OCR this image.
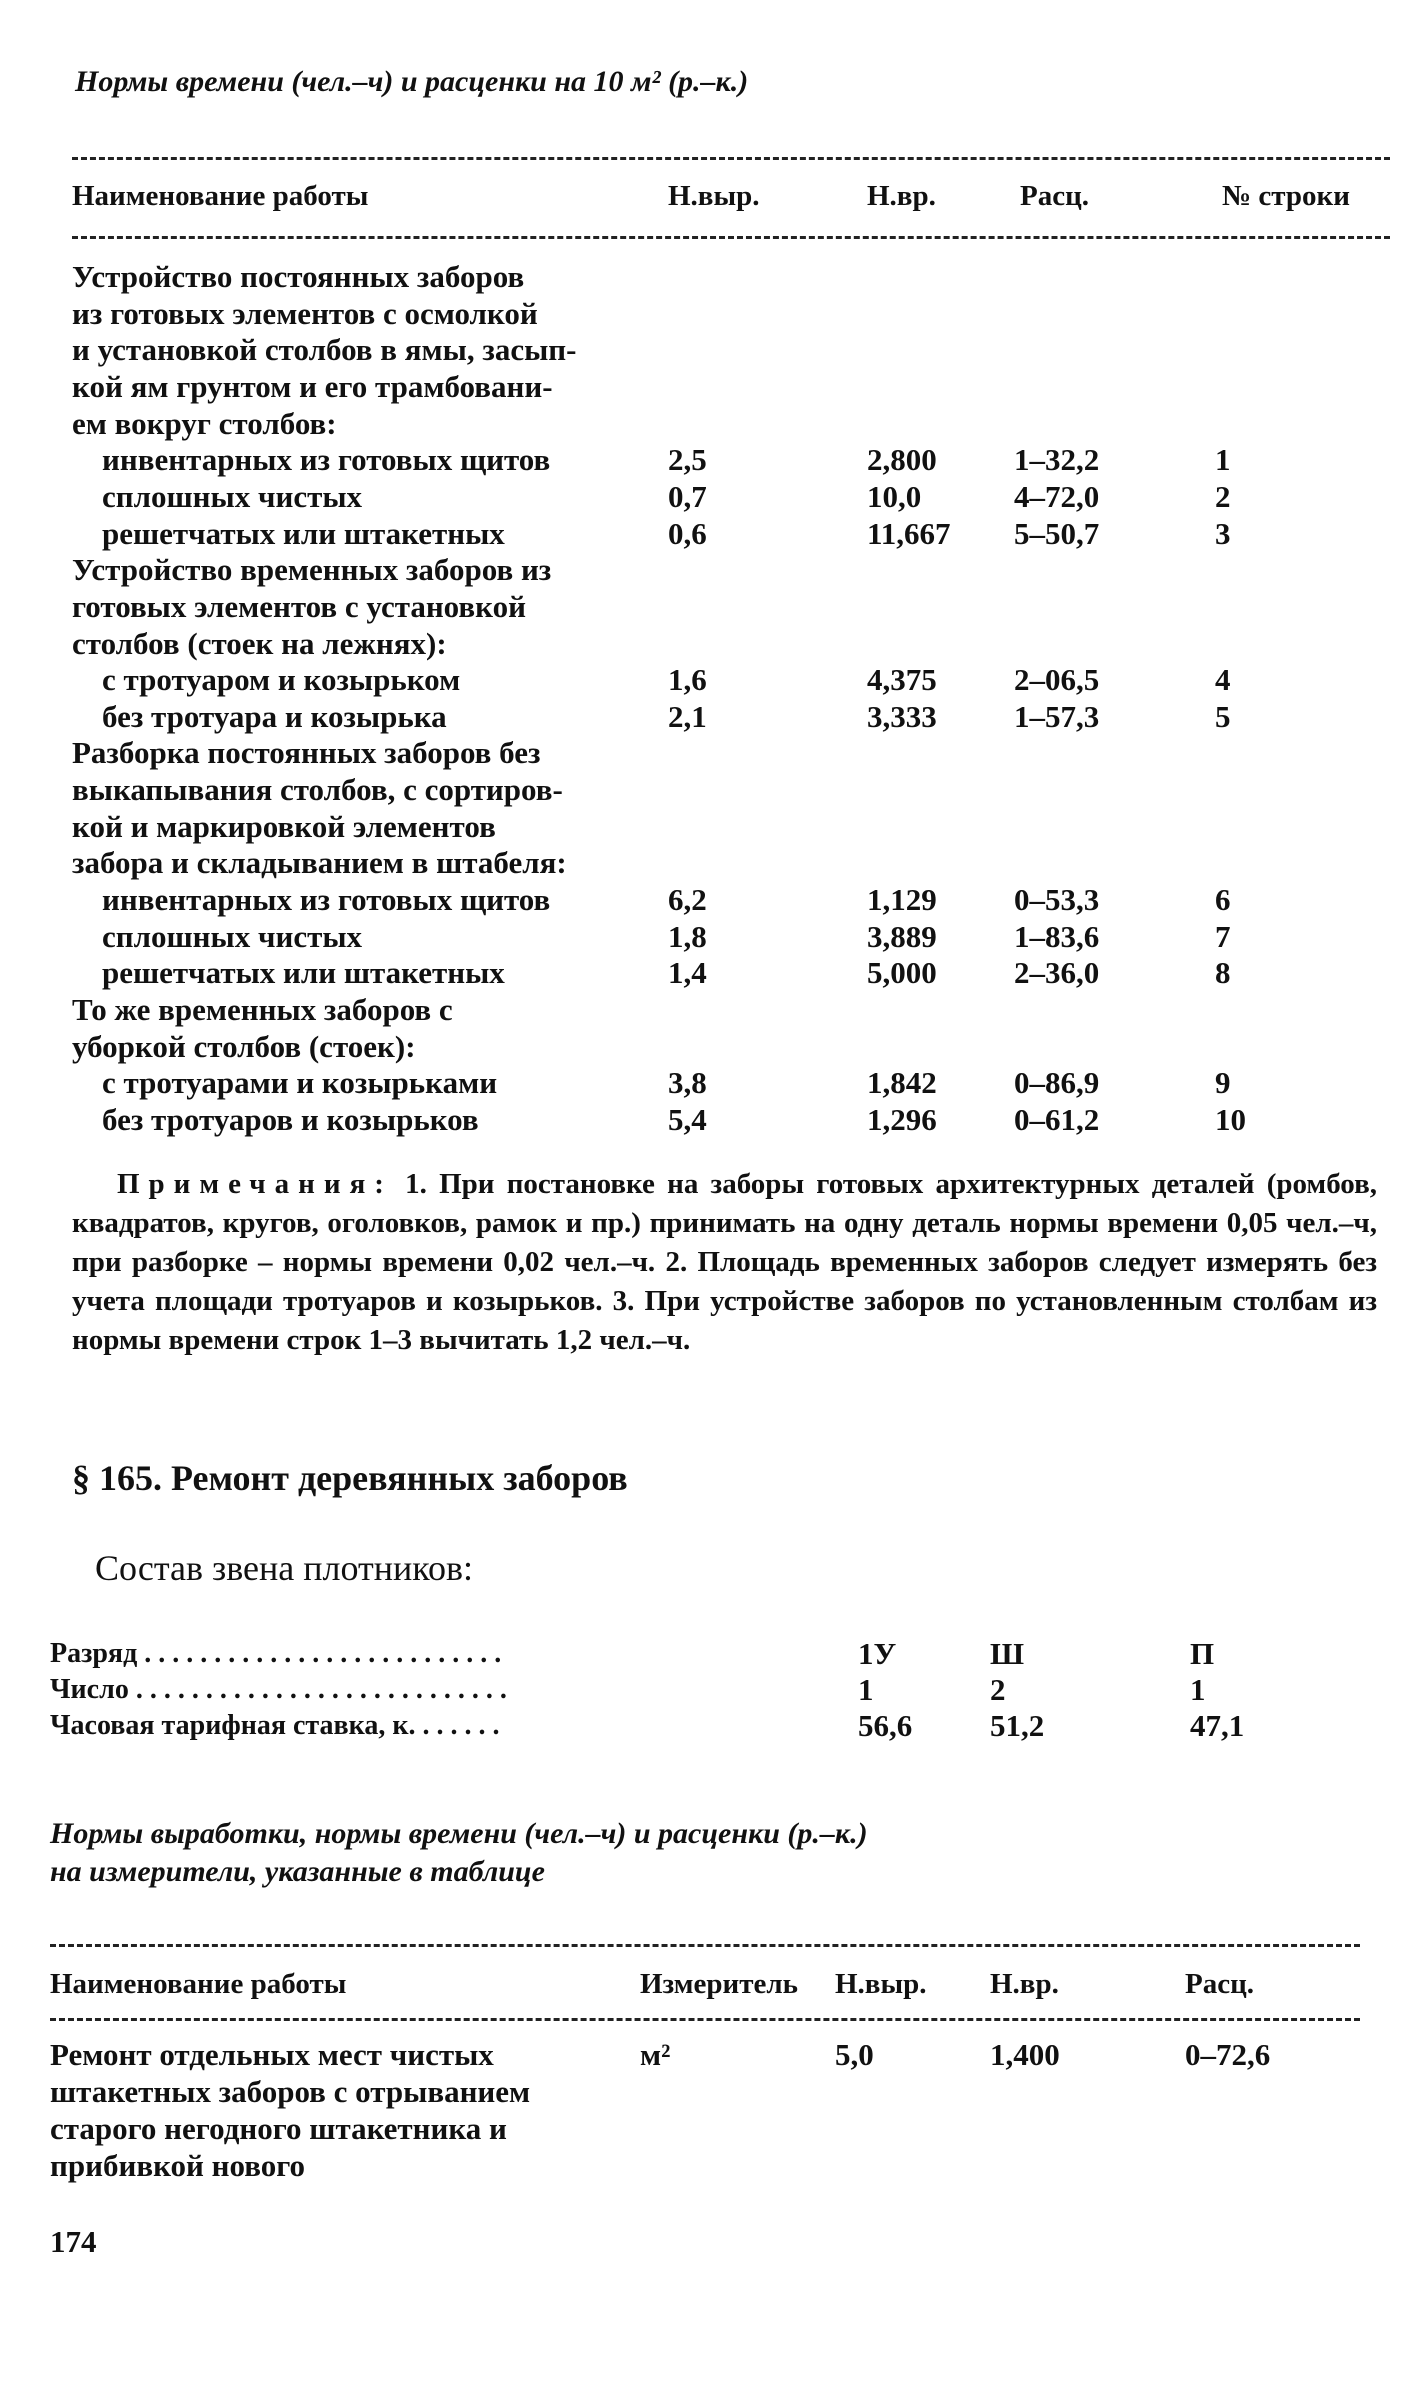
Нормы времени (чел.–ч) и расценки на 10 м² (р.–к.)
Наименование работы	Н.выр.	Н.вр.	Расц.	№ строки
Устройство постоянных заборов
из готовых элементов с осмолкой
и установкой столбов в ямы, засып-
кой ям грунтом и его трамбовани-
ем вокруг столбов:
инвентарных из готовых щитов	2,5	2,800 1–32,2	1
сплошных чистых	0,7	10,0	4–72,0	2
решетчатых или штакетных	0,6	11,667 5–50,7	3
Устройство временных заборов из
готовых элементов с установкой
столбов (стоек на лежнях):
с тротуаром и козырьком	1,6	4,375 2–06,5	4
без тротуара и козырька	2,1	3,333 1–57,3	5
Разборка постоянных заборов без
выкапывания столбов, с сортиров-
кой и маркировкой элементов
забора и складыванием в штабеля:
инвентарных из готовых щитов	6,2	1,129 0–53,3	6
сплошных чистых	1,8	3,889 1–83,6	7
решетчатых или штакетных	1,4	5,000 2–36,0	8
То же временных заборов с
уборкой столбов (стоек):
с тротуарами и козырьками	3,8	1,842 0–86,9	9
без тротуаров и козырьков	5,4	1,296 0–61,2	10
Примечания: 1. При постановке на заборы готовых архитектурных деталей (ромбов, квадратов, кругов, оголовков, рамок и пр.) принимать на одну деталь нормы времени 0,05 чел.–ч, при разборке – нормы времени 0,02 чел.–ч. 2. Площадь временных заборов следует измерять без учета площади тротуаров и козырьков. 3. При устройстве заборов по установленным столбам из нормы времени строк 1–3 вычитать 1,2 чел.–ч.
§ 165. Ремонт деревянных заборов
Состав звена плотников:
Разряд . . . . . . . . . . . . . . . . . . . . . . . . . .	1У	Ш	П
Число . . . . . . . . . . . . . . . . . . . . . . . . . . .	1	2	1
Часовая тарифная ставка, к. . . . . . .	56,6	51,2	47,1
Нормы выработки, нормы времени (чел.–ч) и расценки (р.–к.)
на измерители, указанные в таблице
Наименование работы	Измеритель Н.выр. Н.вр.	Расц.
Ремонт отдельных мест чистых
штакетных заборов с отрыванием
старого негодного штакетника и
прибивкой нового
м²	5,0	1,400	0–72,6
174
